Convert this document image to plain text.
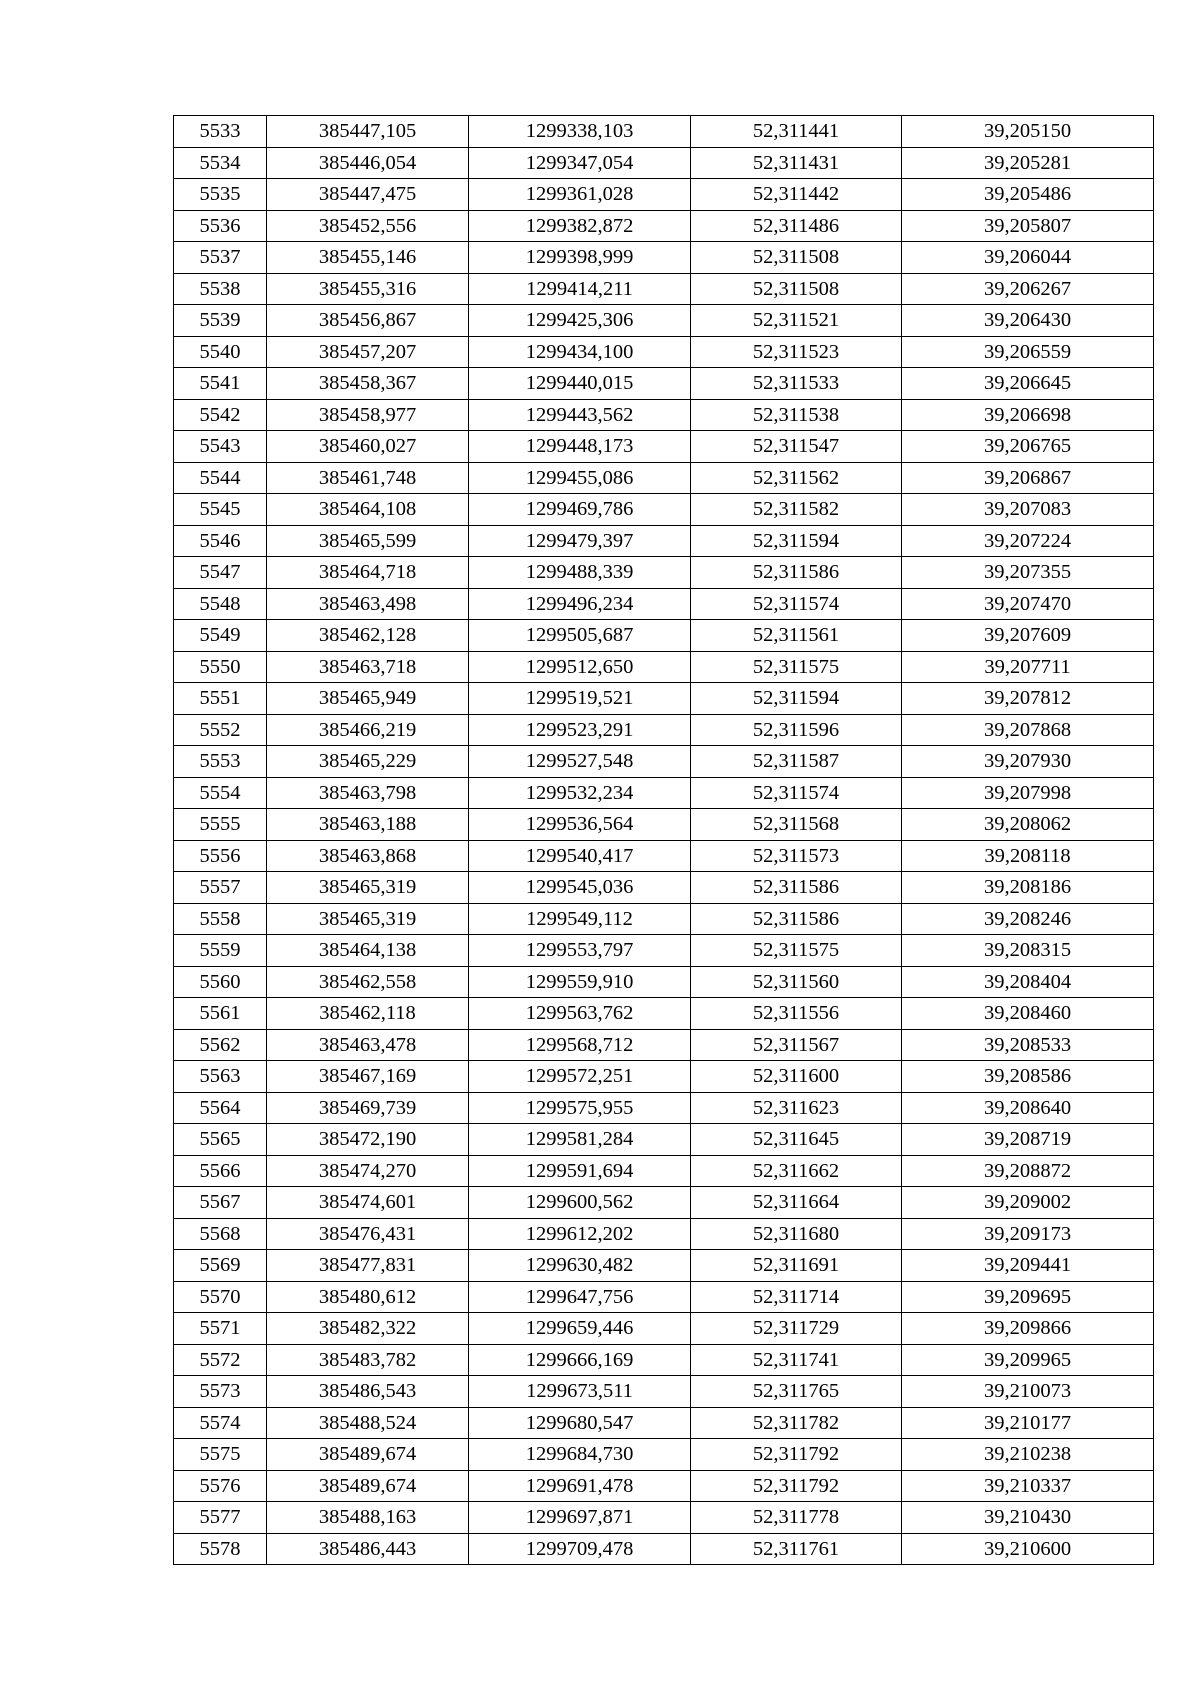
5533	385447,105	1299338,103	52,311441	39,205150
5534	385446,054	1299347,054	52,311431	39,205281
5535	385447,475	1299361,028	52,311442	39,205486
5536	385452,556	1299382,872	52,311486	39,205807
5537	385455,146	1299398,999	52,311508	39,206044
5538	385455,316	1299414,211	52,311508	39,206267
5539	385456,867	1299425,306	52,311521	39,206430
5540	385457,207	1299434,100	52,311523	39,206559
5541	385458,367	1299440,015	52,311533	39,206645
5542	385458,977	1299443,562	52,311538	39,206698
5543	385460,027	1299448,173	52,311547	39,206765
5544	385461,748	1299455,086	52,311562	39,206867
5545	385464,108	1299469,786	52,311582	39,207083
5546	385465,599	1299479,397	52,311594	39,207224
5547	385464,718	1299488,339	52,311586	39,207355
5548	385463,498	1299496,234	52,311574	39,207470
5549	385462,128	1299505,687	52,311561	39,207609
5550	385463,718	1299512,650	52,311575	39,207711
5551	385465,949	1299519,521	52,311594	39,207812
5552	385466,219	1299523,291	52,311596	39,207868
5553	385465,229	1299527,548	52,311587	39,207930
5554	385463,798	1299532,234	52,311574	39,207998
5555	385463,188	1299536,564	52,311568	39,208062
5556	385463,868	1299540,417	52,311573	39,208118
5557	385465,319	1299545,036	52,311586	39,208186
5558	385465,319	1299549,112	52,311586	39,208246
5559	385464,138	1299553,797	52,311575	39,208315
5560	385462,558	1299559,910	52,311560	39,208404
5561	385462,118	1299563,762	52,311556	39,208460
5562	385463,478	1299568,712	52,311567	39,208533
5563	385467,169	1299572,251	52,311600	39,208586
5564	385469,739	1299575,955	52,311623	39,208640
5565	385472,190	1299581,284	52,311645	39,208719
5566	385474,270	1299591,694	52,311662	39,208872
5567	385474,601	1299600,562	52,311664	39,209002
5568	385476,431	1299612,202	52,311680	39,209173
5569	385477,831	1299630,482	52,311691	39,209441
5570	385480,612	1299647,756	52,311714	39,209695
5571	385482,322	1299659,446	52,311729	39,209866
5572	385483,782	1299666,169	52,311741	39,209965
5573	385486,543	1299673,511	52,311765	39,210073
5574	385488,524	1299680,547	52,311782	39,210177
5575	385489,674	1299684,730	52,311792	39,210238
5576	385489,674	1299691,478	52,311792	39,210337
5577	385488,163	1299697,871	52,311778	39,210430
5578	385486,443	1299709,478	52,311761	39,210600
